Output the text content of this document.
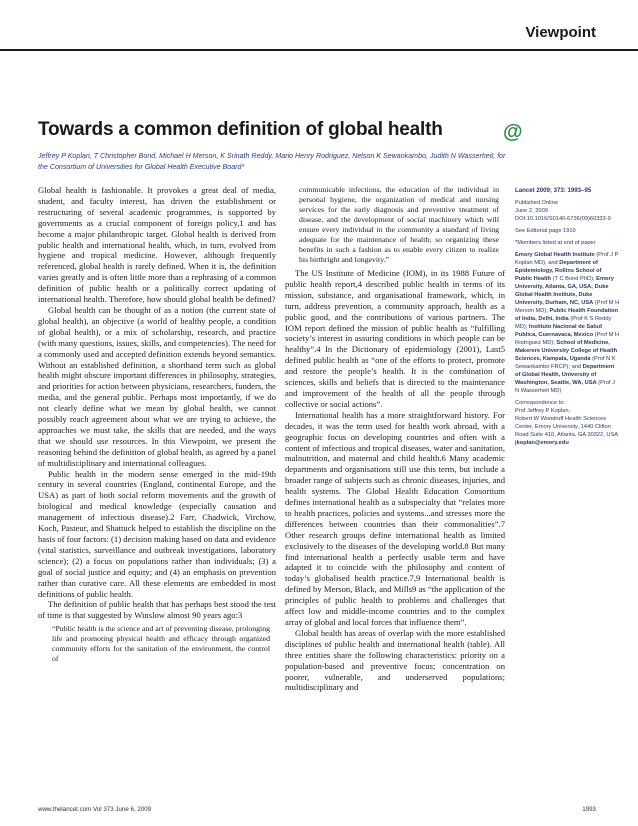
Viewpoint
Towards a common definition of global health	@
Jeffrey P Koplan, T Christopher Bond, Michael H Merson, K Srinath Reddy, Mario Henry Rodriguez, Nelson K Sewankambo, Judith N Wasserheit, for the Consortium of Universities for Global Health Executive Board*

Global health is fashionable. It provokes a great deal of media, student, and faculty interest, has driven the establishment or restructuring of several academic programmes, is supported by governments as a crucial component of foreign policy,1 and has become a major philanthropic target. Global health is derived from public health and international health, which, in turn, evolved from hygiene and tropical medicine. However, although frequently referenced, global health is rarely defined. When it is, the definition varies greatly and is often little more than a rephrasing of a common definition of public health or a politically correct updating of international health. Therefore, how should global health be defined?

Global health can be thought of as a notion (the current state of global health), an objective (a world of healthy people, a condition of global health), or a mix of scholarship, research, and practice (with many questions, issues, skills, and competencies). The need for a commonly used and accepted definition extends beyond semantics. Without an established definition, a shorthand term such as global health might obscure important differences in philosophy, strategies, and priorities for action between physicians, researchers, funders, the media, and the general public. Perhaps most importantly, if we do not clearly define what we mean by global health, we cannot possibly reach agreement about what we are trying to achieve, the approaches we must take, the skills that are needed, and the ways that we should use resources. In this Viewpoint, we present the reasoning behind the definition of global health, as agreed by a panel of multidisciplinary and international colleagues.

Public health in the modern sense emerged in the mid-19th century in several countries (England, continental Europe, and the USA) as part of both social reform movements and the growth of biological and medical knowledge (especially causation and management of infectious disease).2 Farr, Chadwick, Virchow, Koch, Pasteur, and Shattuck helped to establish the discipline on the basis of four factors: (1) decision making based on data and evidence (vital statistics, surveillance and outbreak investigations, laboratory science); (2) a focus on populations rather than individuals; (3) a goal of social justice and equity; and (4) an emphasis on prevention rather than curative care. All these elements are embedded in most definitions of public health.

The definition of public health that has perhaps best stood the test of time is that suggested by Winslow almost 90 years ago:3

“Public health is the science and art of preventing disease, prolonging life and promoting physical health and efficacy through organized community efforts for the sanitation of the environment, the control of

communicable infections, the education of the individual in personal hygiene, the organization of medical and nursing services for the early diagnosis and preventive treatment of disease, and the development of social machinery which will ensure every individual in the community a standard of living adequate for the maintenance of health; so organizing these benefits in such a fashion as to enable every citizen to realize his birthright and longevity.”

The US Institute of Medicine (IOM), in its 1988 Future of public health report,4 described public health in terms of its mission, substance, and organisational framework, which, in turn, address prevention, a community approach, health as a public good, and the contributions of various partners. The IOM report defined the mission of public health as “fulfilling society’s interest in assuring conditions in which people can be healthy”.4 In the Dictionary of epidemiology (2001), Last5 defined public health as “one of the efforts to protect, promote and restore the people’s health. It is the combination of sciences, skills and beliefs that is directed to the maintenance and improvement of the health of all the people through collective or social actions”.

International health has a more straightforward history. For decades, it was the term used for health work abroad, with a geographic focus on developing countries and often with a content of infectious and tropical diseases, water and sanitation, malnutrition, and maternal and child health.6 Many academic departments and organisations still use this term, but include a broader range of subjects such as chronic diseases, injuries, and health systems. The Global Health Education Consortium defines international health as a subspecialty that “relates more to health practices, policies and systems...and stresses more the differences between countries than their commonalities”.7 Other research groups define international health as limited exclusively to the diseases of the developing world.8 But many find international health a perfectly usable term and have adapted it to coincide with the philosophy and content of today’s globalised health practice.7,9 International health is defined by Merson, Black, and Mills9 as “the application of the principles of public health to problems and challenges that affect low and middle-income countries and to the complex array of global and local forces that influence them”.

Global health has areas of overlap with the more established disciplines of public health and international health (table). All three entities share the following characteristics: priority on a population-based and preventive focus; concentration on poorer, vulnerable, and underserved populations; multidisciplinary and

Lancet 2009; 373: 1993–95
Published Online
June 2, 2009
DOI:10.1016/S0140-6736(09)60332-9
See Editorial page 1919
*Members listed at end of paper
Emory Global Health Institute (Prof J P Koplan MD), and Department of Epidemiology, Rollins School of Public Health (T C Bond PhD), Emory University, Atlanta, GA, USA; Duke Global Health Institute, Duke University, Durham, NC, USA (Prof M H Merson MD); Public Health Foundation of India, Delhi, India (Prof K S Reddy MD); Instituto Nacional de Salud Publica, Cuernavaca, Mexico (Prof M H Rodriguez MD); School of Medicine, Makerere University College of Health Sciences, Kampala, Uganda (Prof N K Sewankambo FRCP); and Department of Global Health, University of Washington, Seattle, WA, USA (Prof J N Wasserheit MD)
Correspondence to:
Prof Jeffrey P Koplan,
Robert W Woodruff Health Sciences Center, Emory University, 1440 Clifton Road Suite 410, Atlanta, GA 30322, USA
jkoplan@emory.edu
www.thelancet.com Vol 373 June 6, 2009	1993
